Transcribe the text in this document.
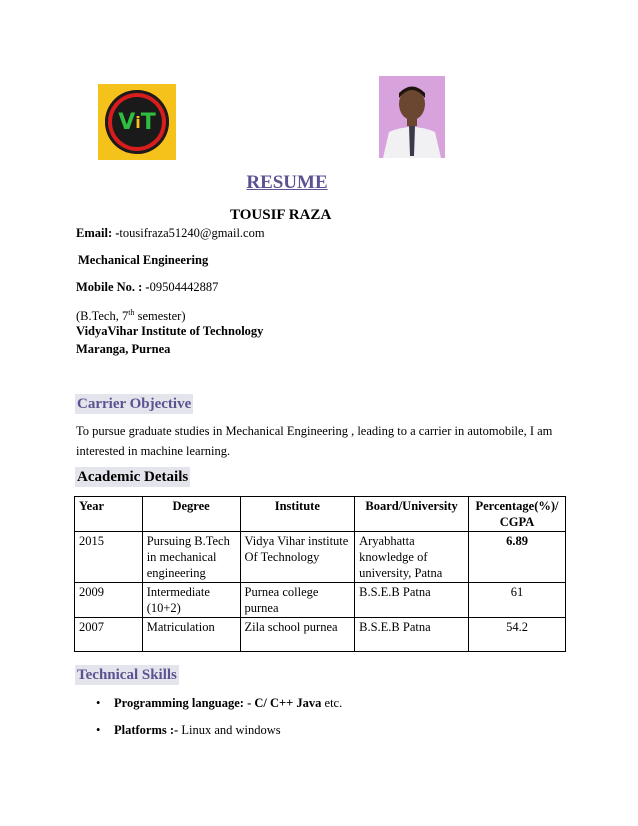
V i T
RESUME
TOUSIF RAZA
Email: -tousifraza51240@gmail.com
Mechanical Engineering
Mobile No. : -09504442887
(B.Tech, 7th semester)
VidyaVihar Institute of Technology
Maranga, Purnea
Carrier Objective
To pursue graduate studies in Mechanical Engineering , leading to a carrier in automobile, I am interested in machine learning.
Academic Details
Year	Degree	Institute	Board/University	Percentage(%)/ CGPA
2015	Pursuing B.Tech in mechanical engineering	Vidya Vihar institute Of Technology	Aryabhatta knowledge of university, Patna	6.89
2009	Intermediate (10+2)	Purnea college purnea	B.S.E.B Patna	61
2007	Matriculation	Zila school purnea	B.S.E.B Patna	54.2
Technical Skills
• Programming language: - C/ C++ Java etc.
• Platforms :- Linux and windows
